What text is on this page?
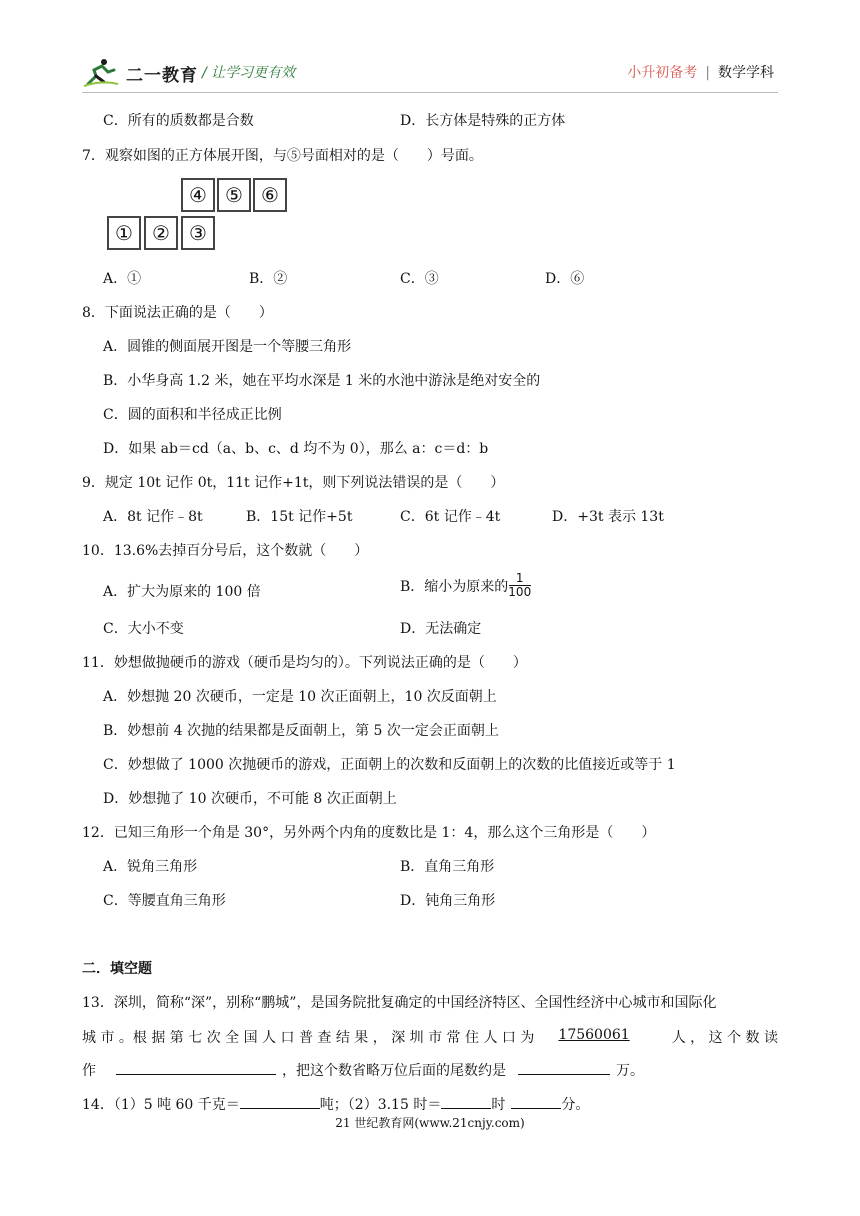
二一教育 / 让学习更有效	小升初备考 | 数学学科
C．所有的质数都是合数	D．长方体是特殊的正方体
7．观察如图的正方体展开图，与⑤号面相对的是（　　）号面。
④ ⑤ ⑥
① ② ③
A．①	B．②	C．③	D．⑥
8．下面说法正确的是（　　）
A．圆锥的侧面展开图是一个等腰三角形
B．小华身高 1.2 米，她在平均水深是 1 米的水池中游泳是绝对安全的
C．圆的面积和半径成正比例
D．如果 ab＝cd（a、b、c、d 均不为 0），那么 a：c＝d：b
9．规定 10t 记作 0t，11t 记作+1t，则下列说法错误的是（　　）
A．8t 记作﹣8t	B．15t 记作+5t	C．6t 记作﹣4t	D．+3t 表示 13t
10．13.6%去掉百分号后，这个数就（　　）
A．扩大为原来的 100 倍	B．缩小为原来的 $\frac{1}{100}$
C．大小不变	D．无法确定
11．妙想做抛硬币的游戏（硬币是均匀的）。下列说法正确的是（　　）
A．妙想抛 20 次硬币，一定是 10 次正面朝上，10 次反面朝上
B．妙想前 4 次抛的结果都是反面朝上，第 5 次一定会正面朝上
C．妙想做了 1000 次抛硬币的游戏，正面朝上的次数和反面朝上的次数的比值接近或等于 1
D．妙想抛了 10 次硬币，不可能 8 次正面朝上
12．已知三角形一个角是 30°，另外两个内角的度数比是 1：4，那么这个三角形是（　　）
A．锐角三角形	B．直角三角形
C．等腰直角三角形	D．钝角三角形
二．填空题
13．深圳，简称“深”，别称“鹏城”，是国务院批复确定的中国经济特区、全国性经济中心城市和国际化
城 市 。根 据 第 七 次 全 国 人 口 普 查 结 果 ， 深 圳 市 常 住 人 口 为 17560061	人 ， 这 个 数 读
作	，把这个数省略万位后面的尾数约是	万。
14．（1）5 吨 60 千克＝	吨；（2）3.15 时＝	时	分。
21 世纪教育网(www.21cnjy.com)
